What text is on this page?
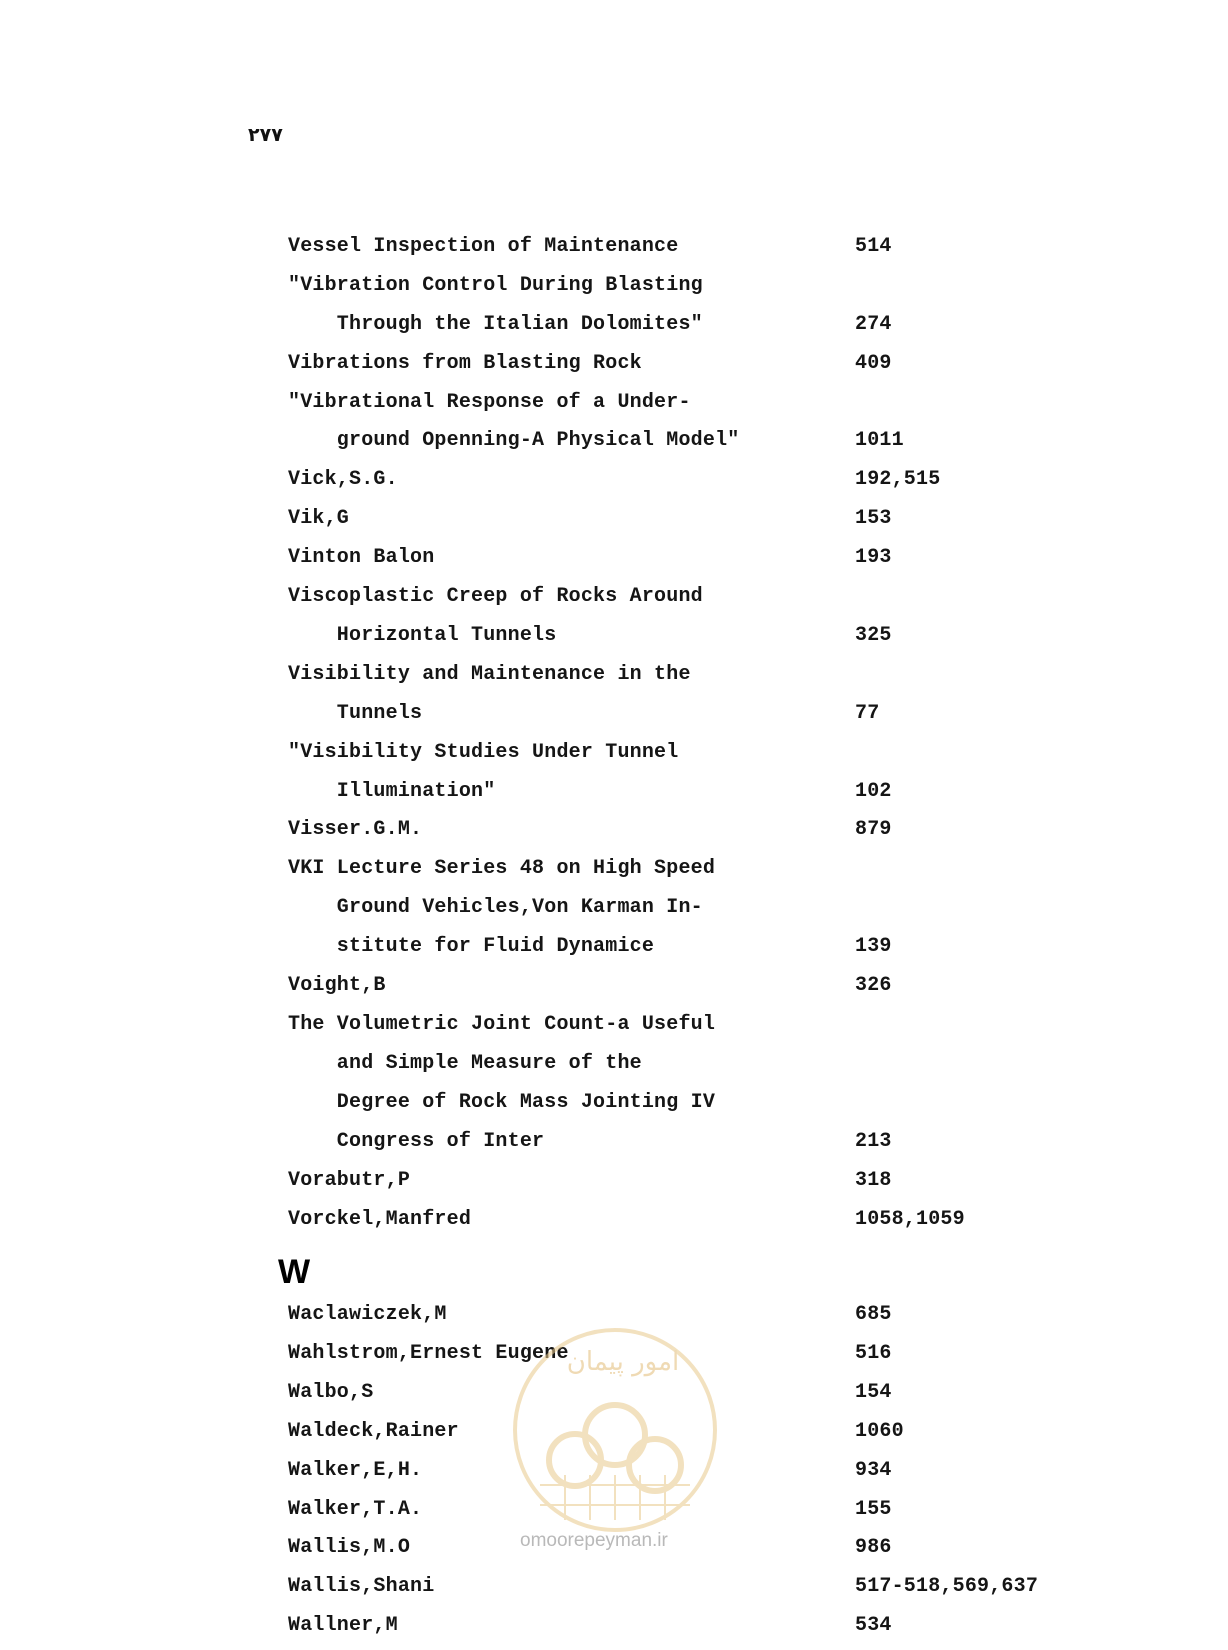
۲۷۷
Vessel Inspection of Maintenance	514
"Vibration Control During Blasting
Through the Italian Dolomites"	274
Vibrations from Blasting Rock	409
"Vibrational Response of a Under-
ground Openning-A Physical Model"	1011
Vick,S.G.	192,515
Vik,G	153
Vinton Balon	193
Viscoplastic Creep of Rocks Around
Horizontal Tunnels	325
Visibility and Maintenance in the
Tunnels	77
"Visibility Studies Under Tunnel
Illumination"	102
Visser.G.M.	879
VKI Lecture Series 48 on High Speed
Ground Vehicles,Von Karman In-
stitute for Fluid Dynamice	139
Voight,B	326
The Volumetric Joint Count-a Useful
and Simple Measure of the
Degree of Rock Mass Jointing IV
Congress of Inter	213
Vorabutr,P	318
Vorckel,Manfred	1058,1059
Waclawiczek,M	685
Wahlstrom,Ernest Eugene	516
Walbo,S	154
Waldeck,Rainer	1060
Walker,E,H.	934
Walker,T.A.	155
Wallis,M.O	986
Wallis,Shani	517-518,569,637
Wallner,M	534
W
امور پیمان
omoorepeyman.ir
